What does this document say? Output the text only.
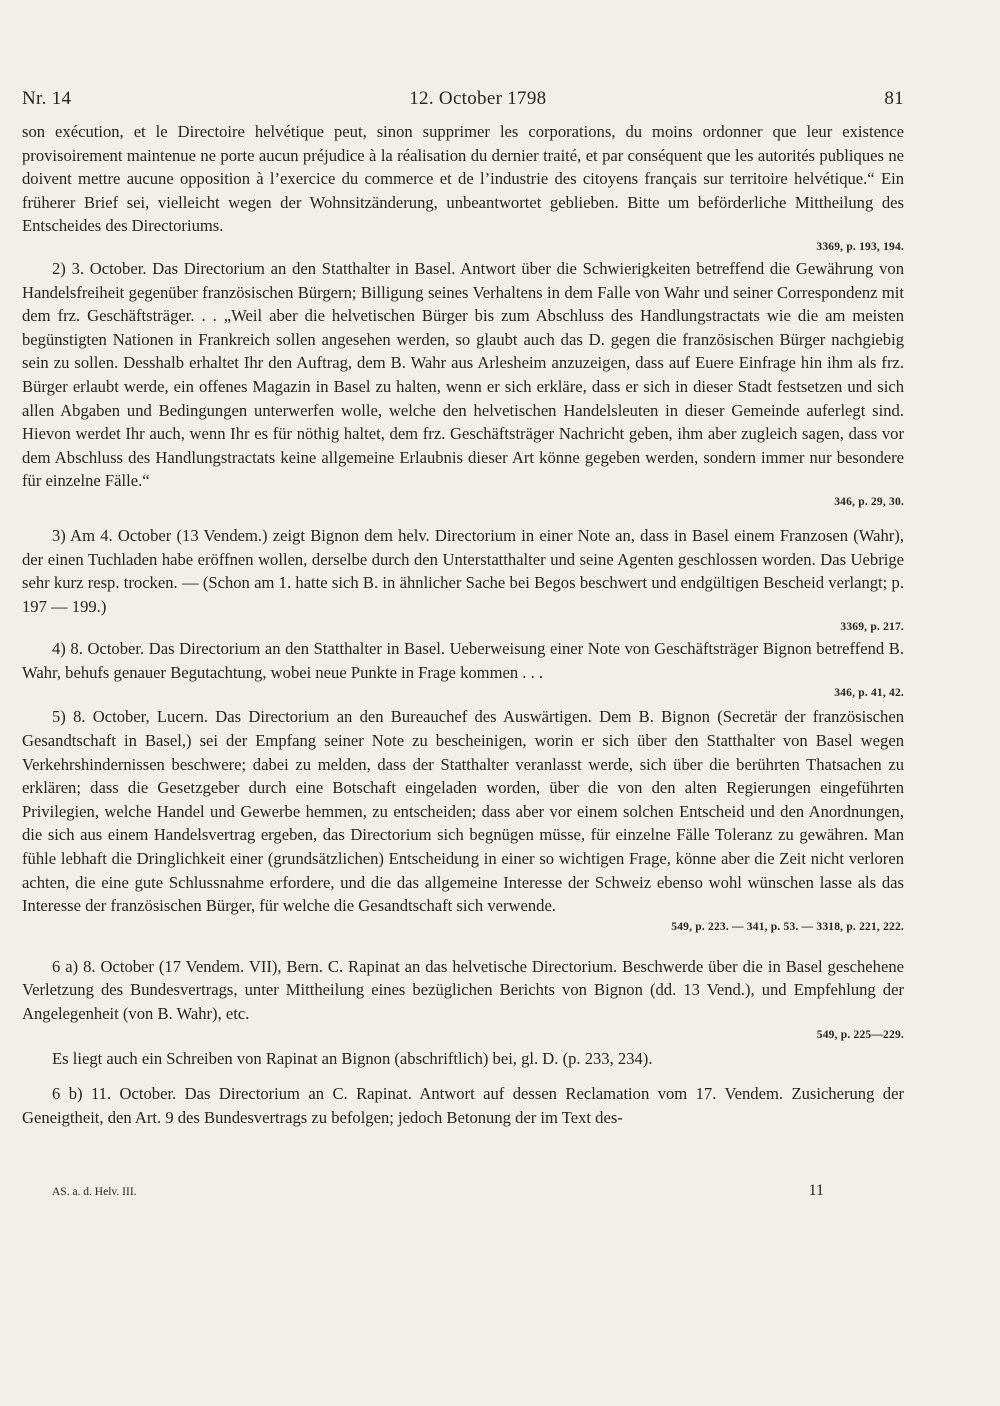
Nr. 14	12. October 1798	81

son exécution, et le Directoire helvétique peut, sinon supprimer les corporations, du moins ordonner que leur existence provisoirement maintenue ne porte aucun préjudice à la réalisation du dernier traité, et par conséquent que les autorités publiques ne doivent mettre aucune opposition à l’exercice du commerce et de l’industrie des citoyens français sur territoire helvétique.“ Ein früherer Brief sei, vielleicht wegen der Wohnsitzänderung, unbeantwortet geblieben. Bitte um beförderliche Mittheilung des Entscheides des Directoriums.

3369, p. 193, 194.

2) 3. October. Das Directorium an den Statthalter in Basel. Antwort über die Schwierigkeiten betreffend die Gewährung von Handelsfreiheit gegenüber französischen Bürgern; Billigung seines Verhaltens in dem Falle von Wahr und seiner Correspondenz mit dem frz. Geschäftsträger. . . „Weil aber die helvetischen Bürger bis zum Abschluss des Handlungstractats wie die am meisten begünstigten Nationen in Frankreich sollen angesehen werden, so glaubt auch das D. gegen die französischen Bürger nachgiebig sein zu sollen. Desshalb erhaltet Ihr den Auftrag, dem B. Wahr aus Arlesheim anzuzeigen, dass auf Euere Einfrage hin ihm als frz. Bürger erlaubt werde, ein offenes Magazin in Basel zu halten, wenn er sich erkläre, dass er sich in dieser Stadt festsetzen und sich allen Abgaben und Bedingungen unterwerfen wolle, welche den helvetischen Handelsleuten in dieser Gemeinde auferlegt sind. Hievon werdet Ihr auch, wenn Ihr es für nöthig haltet, dem frz. Geschäftsträger Nachricht geben, ihm aber zugleich sagen, dass vor dem Abschluss des Handlungstractats keine allgemeine Erlaubnis dieser Art könne gegeben werden, sondern immer nur besondere für einzelne Fälle.“

346, p. 29, 30.

3) Am 4. October (13 Vendem.) zeigt Bignon dem helv. Directorium in einer Note an, dass in Basel einem Franzosen (Wahr), der einen Tuchladen habe eröffnen wollen, derselbe durch den Unterstatthalter und seine Agenten geschlossen worden. Das Uebrige sehr kurz resp. trocken. — (Schon am 1. hatte sich B. in ähnlicher Sache bei Begos beschwert und endgültigen Bescheid verlangt; p. 197 — 199.)

3369, p. 217.

4) 8. October. Das Directorium an den Statthalter in Basel. Ueberweisung einer Note von Geschäftsträger Bignon betreffend B. Wahr, behufs genauer Begutachtung, wobei neue Punkte in Frage kommen . . .

346, p. 41, 42.

5) 8. October, Lucern. Das Directorium an den Bureauchef des Auswärtigen. Dem B. Bignon (Secretär der französischen Gesandtschaft in Basel,) sei der Empfang seiner Note zu bescheinigen, worin er sich über den Statthalter von Basel wegen Verkehrshindernissen beschwere; dabei zu melden, dass der Statthalter veranlasst werde, sich über die berührten Thatsachen zu erklären; dass die Gesetzgeber durch eine Botschaft eingeladen worden, über die von den alten Regierungen eingeführten Privilegien, welche Handel und Gewerbe hemmen, zu entscheiden; dass aber vor einem solchen Entscheid und den Anordnungen, die sich aus einem Handelsvertrag ergeben, das Directorium sich begnügen müsse, für einzelne Fälle Toleranz zu gewähren. Man fühle lebhaft die Dringlichkeit einer (grundsätzlichen) Entscheidung in einer so wichtigen Frage, könne aber die Zeit nicht verloren achten, die eine gute Schlussnahme erfordere, und die das allgemeine Interesse der Schweiz ebenso wohl wünschen lasse als das Interesse der französischen Bürger, für welche die Gesandtschaft sich verwende.

549, p. 223. — 341, p. 53. — 3318, p. 221, 222.

6 a) 8. October (17 Vendem. VII), Bern. C. Rapinat an das helvetische Directorium. Beschwerde über die in Basel geschehene Verletzung des Bundesvertrags, unter Mittheilung eines bezüglichen Berichts von Bignon (dd. 13 Vend.), und Empfehlung der Angelegenheit (von B. Wahr), etc.

549, p. 225—229.

Es liegt auch ein Schreiben von Rapinat an Bignon (abschriftlich) bei, gl. D. (p. 233, 234).

6 b) 11. October. Das Directorium an C. Rapinat. Antwort auf dessen Reclamation vom 17. Vendem. Zusicherung der Geneigtheit, den Art. 9 des Bundesvertrags zu befolgen; jedoch Betonung der im Text des-

AS. a. d. Helv. III.	11
